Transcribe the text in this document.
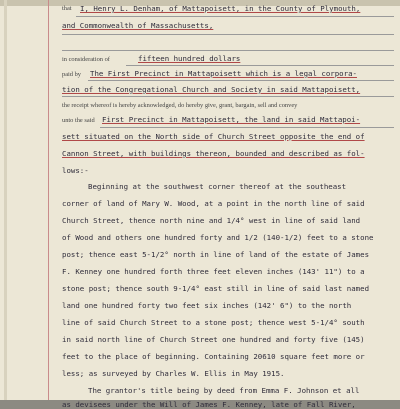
that I, Henry L. Denham, of Mattapoisett, in the County of Plymouth,
and Commonwealth of Massachusetts,
in consideration of	fifteen hundred dollars
paid by The First Precinct in Mattapoisett which is a legal corpora-
tion of the Congregational Church and Society in said Mattapoisett,
the receipt whereof is hereby acknowledged, do hereby give, grant, bargain, sell and convey
unto the said First Precinct in Mattapoisett, the land in said Mattapoi-
sett situated on the North side of Church Street opposite the end of
Cannon Street, with buildings thereon, bounded and described as fol-
lows:-
Beginning at the southwest corner thereof at the southeast
corner of land of Mary W. Wood, at a point in the north line of said
Church Street, thence north nine and 1/4° west in line of said land
of Wood and others one hundred forty and 1/2 (140-1/2) feet to a stone
post; thence east 5-1/2° north in line of land of the estate of James
F. Kenney one hundred forth three feet eleven inches (143' 11") to a
stone post; thence south 9-1/4° east still in line of said last named
land one hundred forty two feet six inches (142' 6") to the north
line of said Church Street to a stone post; thence west 5-1/4° south
in said north line of Church Street one hundred and forty five (145)
feet to the place of beginning. Containing 20610 square feet more or
less; as surveyed by Charles W. Ellis in May 1915.
The grantor's title being by deed from Emma F. Johnson et all
as devisees under the Will of James F. Kenney, late of Fall River,
